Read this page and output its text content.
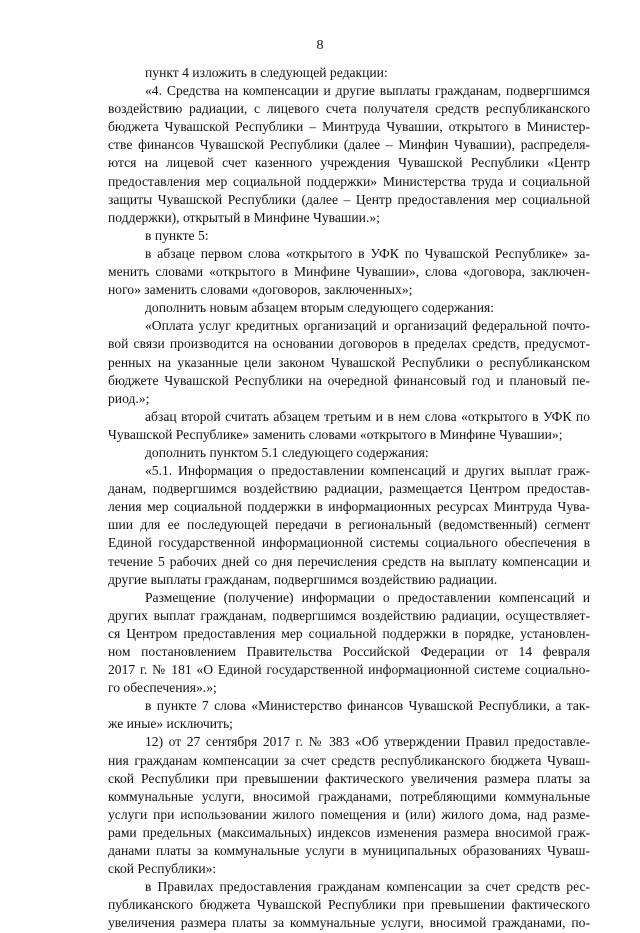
8
пункт 4 изложить в следующей редакции:
«4. Средства на компенсации и другие выплаты гражданам, подвергшимся
воздействию радиации, с лицевого счета получателя средств республиканского
бюджета Чувашской Республики – Минтруда Чувашии, открытого в Министер-
стве финансов Чувашской Республики (далее – Минфин Чувашии), распределя-
ются на лицевой счет казенного учреждения Чувашской Республики «Центр
предоставления мер социальной поддержки» Министерства труда и социальной
защиты Чувашской Республики (далее – Центр предоставления мер социальной
поддержки), открытый в Минфине Чувашии.»;
в пункте 5:
в абзаце первом слова «открытого в УФК по Чувашской Республике» за-
менить словами «открытого в Минфине Чувашии», слова «договора, заключен-
ного» заменить словами «договоров, заключенных»;
дополнить новым абзацем вторым следующего содержания:
«Оплата услуг кредитных организаций и организаций федеральной почто-
вой связи производится на основании договоров в пределах средств, предусмот-
ренных на указанные цели законом Чувашской Республики о республиканском
бюджете Чувашской Республики на очередной финансовый год и плановый пе-
риод.»;
абзац второй считать абзацем третьим и в нем слова «открытого в УФК по
Чувашской Республике» заменить словами «открытого в Минфине Чувашии»;
дополнить пунктом 5.1 следующего содержания:
«5.1. Информация о предоставлении компенсаций и других выплат граж-
данам, подвергшимся воздействию радиации, размещается Центром предостав-
ления мер социальной поддержки в информационных ресурсах Минтруда Чува-
шии для ее последующей передачи в региональный (ведомственный) сегмент
Единой государственной информационной системы социального обеспечения в
течение 5 рабочих дней со дня перечисления средств на выплату компенсации и
другие выплаты гражданам, подвергшимся воздействию радиации.
Размещение (получение) информации о предоставлении компенсаций и
других выплат гражданам, подвергшимся воздействию радиации, осуществляет-
ся Центром предоставления мер социальной поддержки в порядке, установлен-
ном постановлением Правительства Российской Федерации от 14 февраля
2017 г. № 181 «О Единой государственной информационной системе социально-
го обеспечения».»;
в пункте 7 слова «Министерство финансов Чувашской Республики, а так-
же иные» исключить;
12) от 27 сентября 2017 г. № 383 «Об утверждении Правил предоставле-
ния гражданам компенсации за счет средств республиканского бюджета Чуваш-
ской Республики при превышении фактического увеличения размера платы за
коммунальные услуги, вносимой гражданами, потребляющими коммунальные
услуги при использовании жилого помещения и (или) жилого дома, над разме-
рами предельных (максимальных) индексов изменения размера вносимой граж-
данами платы за коммунальные услуги в муниципальных образованиях Чуваш-
ской Республики»:
в Правилах предоставления гражданам компенсации за счет средств рес-
публиканского бюджета Чувашской Республики при превышении фактического
увеличения размера платы за коммунальные услуги, вносимой гражданами, по-
